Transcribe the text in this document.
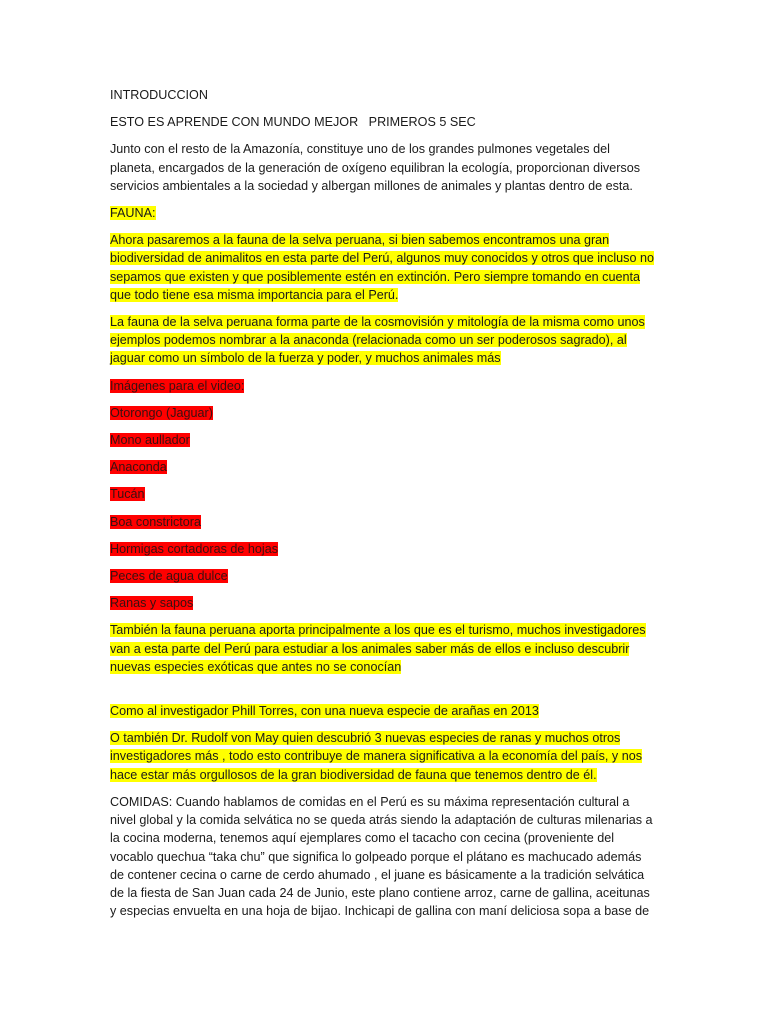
INTRODUCCION

ESTO ES APRENDE CON MUNDO MEJOR   PRIMEROS 5 SEC

Junto con el resto de la Amazonía, constituye uno de los grandes pulmones vegetales del planeta, encargados de la generación de oxígeno equilibran la ecología, proporcionan diversos servicios ambientales a la sociedad y albergan millones de animales y plantas dentro de esta.

FAUNA:

Ahora pasaremos a la fauna de la selva peruana, si bien sabemos encontramos una gran biodiversidad de animalitos en esta parte del Perú, algunos muy conocidos y otros que incluso no sepamos que existen y que posiblemente estén en extinción. Pero siempre tomando en cuenta que todo tiene esa misma importancia para el Perú.

La fauna de la selva peruana forma parte de la cosmovisión y mitología de la misma como unos ejemplos podemos nombrar a la anaconda (relacionada como un ser poderosos sagrado), al jaguar como un símbolo de la fuerza y poder, y muchos animales más

Imágenes para el video:

Otorongo (Jaguar)

Mono aullador

Anaconda

Tucán

Boa constrictora

Hormigas cortadoras de hojas

Peces de agua dulce

Ranas y sapos

También la fauna peruana aporta principalmente a los que es el turismo, muchos investigadores van a esta parte del Perú para estudiar a los animales saber más de ellos e incluso descubrir nuevas especies exóticas que antes no se conocían

Como al investigador Phill Torres, con una nueva especie de arañas en 2013

O también Dr. Rudolf von May quien descubrió 3 nuevas especies de ranas y muchos otros investigadores más , todo esto contribuye de manera significativa a la economía del país, y nos hace estar más orgullosos de la gran biodiversidad de fauna que tenemos dentro de él.

COMIDAS: Cuando hablamos de comidas en el Perú es su máxima representación cultural a nivel global y la comida selvática no se queda atrás siendo la adaptación de culturas milenarias a la cocina moderna, tenemos aquí ejemplares como el tacacho con cecina (proveniente del vocablo quechua “taka chu” que significa lo golpeado porque el plátano es machucado además de contener cecina o carne de cerdo ahumado , el juane es básicamente a la tradición selvática de la fiesta de San Juan cada 24 de Junio, este plano contiene arroz, carne de gallina, aceitunas y especias envuelta en una hoja de bijao. Inchicapi de gallina con maní deliciosa sopa a base de
